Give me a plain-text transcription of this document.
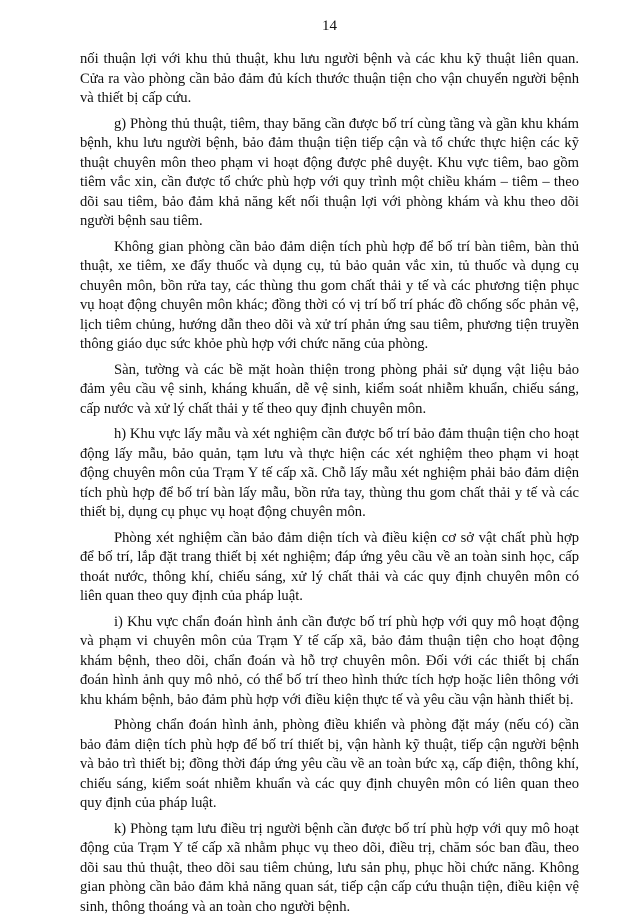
14

nối thuận lợi với khu thủ thuật, khu lưu người bệnh và các khu kỹ thuật liên quan. Cửa ra vào phòng cần bảo đảm đủ kích thước thuận tiện cho vận chuyển người bệnh và thiết bị cấp cứu.

g) Phòng thủ thuật, tiêm, thay băng cần được bố trí cùng tầng và gần khu khám bệnh, khu lưu người bệnh, bảo đảm thuận tiện tiếp cận và tổ chức thực hiện các kỹ thuật chuyên môn theo phạm vi hoạt động được phê duyệt. Khu vực tiêm, bao gồm tiêm vắc xin, cần được tổ chức phù hợp với quy trình một chiều khám – tiêm – theo dõi sau tiêm, bảo đảm khả năng kết nối thuận lợi với phòng khám và khu theo dõi người bệnh sau tiêm.

Không gian phòng cần bảo đảm diện tích phù hợp để bố trí bàn tiêm, bàn thủ thuật, xe tiêm, xe đẩy thuốc và dụng cụ, tủ bảo quản vắc xin, tủ thuốc và dụng cụ chuyên môn, bồn rửa tay, các thùng thu gom chất thải y tế và các phương tiện phục vụ hoạt động chuyên môn khác; đồng thời có vị trí bố trí phác đồ chống sốc phản vệ, lịch tiêm chủng, hướng dẫn theo dõi và xử trí phản ứng sau tiêm, phương tiện truyền thông giáo dục sức khỏe phù hợp với chức năng của phòng.

Sàn, tường và các bề mặt hoàn thiện trong phòng phải sử dụng vật liệu bảo đảm yêu cầu vệ sinh, kháng khuẩn, dễ vệ sinh, kiểm soát nhiễm khuẩn, chiếu sáng, cấp nước và xử lý chất thải y tế theo quy định chuyên môn.

h) Khu vực lấy mẫu và xét nghiệm cần được bố trí bảo đảm thuận tiện cho hoạt động lấy mẫu, bảo quản, tạm lưu và thực hiện các xét nghiệm theo phạm vi hoạt động chuyên môn của Trạm Y tế cấp xã. Chỗ lấy mẫu xét nghiệm phải bảo đảm diện tích phù hợp để bố trí bàn lấy mẫu, bồn rửa tay, thùng thu gom chất thải y tế và các thiết bị, dụng cụ phục vụ hoạt động chuyên môn.

Phòng xét nghiệm cần bảo đảm diện tích và điều kiện cơ sở vật chất phù hợp để bố trí, lắp đặt trang thiết bị xét nghiệm; đáp ứng yêu cầu về an toàn sinh học, cấp thoát nước, thông khí, chiếu sáng, xử lý chất thải và các quy định chuyên môn có liên quan theo quy định của pháp luật.

i) Khu vực chẩn đoán hình ảnh cần được bố trí phù hợp với quy mô hoạt động và phạm vi chuyên môn của Trạm Y tế cấp xã, bảo đảm thuận tiện cho hoạt động khám bệnh, theo dõi, chẩn đoán và hỗ trợ chuyên môn. Đối với các thiết bị chẩn đoán hình ảnh quy mô nhỏ, có thể bố trí theo hình thức tích hợp hoặc liên thông với khu khám bệnh, bảo đảm phù hợp với điều kiện thực tế và yêu cầu vận hành thiết bị.

Phòng chẩn đoán hình ảnh, phòng điều khiển và phòng đặt máy (nếu có) cần bảo đảm diện tích phù hợp để bố trí thiết bị, vận hành kỹ thuật, tiếp cận người bệnh và bảo trì thiết bị; đồng thời đáp ứng yêu cầu về an toàn bức xạ, cấp điện, thông khí, chiếu sáng, kiểm soát nhiễm khuẩn và các quy định chuyên môn có liên quan theo quy định của pháp luật.

k) Phòng tạm lưu điều trị người bệnh cần được bố trí phù hợp với quy mô hoạt động của Trạm Y tế cấp xã nhằm phục vụ theo dõi, điều trị, chăm sóc ban đầu, theo dõi sau thủ thuật, theo dõi sau tiêm chủng, lưu sản phụ, phục hồi chức năng. Không gian phòng cần bảo đảm khả năng quan sát, tiếp cận cấp cứu thuận tiện, điều kiện vệ sinh, thông thoáng và an toàn cho người bệnh.
